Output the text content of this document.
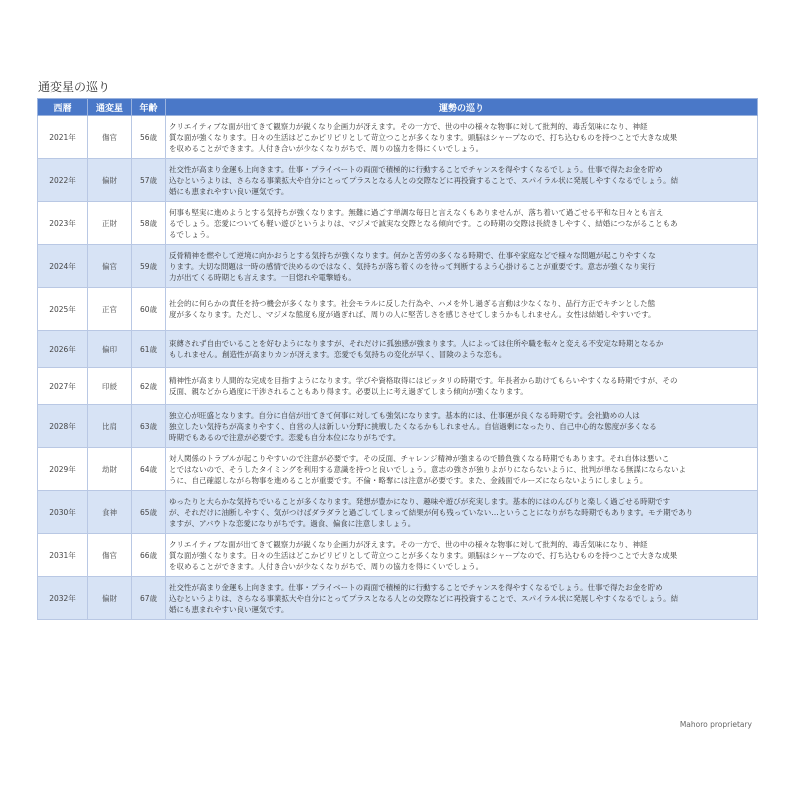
通変星の巡り
西暦	通変星	年齢	運勢の巡り
2021年	傷官	56歳	クリエイティブな面が出てきて観察力が鋭くなり企画力が冴えます。その一方で、世の中の様々な物事に対して批判的、毒舌気味になり、神経
質な面が強くなります。日々の生活はどこかピリピリとして苛立つことが多くなります。頭脳はシャープなので、打ち込むものを持つことで大きな成果
を収めることができます。人付き合いが少なくなりがちで、周りの協力を得にくいでしょう。

2022年	偏財	57歳	社交性が高まり金運も上向きます。仕事・プライベートの両面で積極的に行動することでチャンスを得やすくなるでしょう。仕事で得たお金を貯め
込むというよりは、さらなる事業拡大や自分にとってプラスとなる人との交際などに再投資することで、スパイラル状に発展しやすくなるでしょう。結
婚にも恵まれやすい良い運気です。

2023年	正財	58歳	何事も堅実に進めようとする気持ちが強くなります。無難に過ごす単調な毎日と言えなくもありませんが、落ち着いて過ごせる平和な日々とも言え
るでしょう。恋愛についても軽い遊びというよりは、マジメで誠実な交際となる傾向です。この時期の交際は長続きしやすく、結婚につながることもあ
るでしょう。

2024年	偏官	59歳	反骨精神を燃やして逆境に向かおうとする気持ちが強くなります。何かと苦労の多くなる時期で、仕事や家庭などで様々な問題が起こりやすくな
ります。大切な問題は一時の感情で決めるのではなく、気持ちが落ち着くのを待って判断するよう心掛けることが重要です。意志が強くなり実行
力が出てくる時期とも言えます。一目惚れや電撃婚も。

2025年	正官	60歳	社会的に何らかの責任を持つ機会が多くなります。社会モラルに反した行為や、ハメを外し過ぎる言動は少なくなり、品行方正でキチンとした態
度が多くなります。ただし、マジメな態度も度が過ぎれば、周りの人に堅苦しさを感じさせてしまうかもしれません。女性は結婚しやすいです。

2026年	偏印	61歳	束縛されず自由でいることを好むようになりますが、それだけに孤独感が強まります。人によっては住所や職を転々と変える不安定な時期となるか
もしれません。創造性が高まりカンが冴えます。恋愛でも気持ちの変化が早く、冒険のような恋も。

2027年	印綬	62歳	精神性が高まり人間的な完成を目指すようになります。学びや資格取得にはピッタリの時期です。年長者から助けてもらいやすくなる時期ですが、その
反面、親などから過度に干渉されることもあり得ます。必要以上に考え過ぎてしまう傾向が強くなります。

2028年	比肩	63歳	独立心が旺盛となります。自分に自信が出てきて何事に対しても強気になります。基本的には、仕事運が良くなる時期です。会社勤めの人は
独立したい気持ちが高まりやすく、自営の人は新しい分野に挑戦したくなるかもしれません。自信過剰になったり、自己中心的な態度が多くなる
時期でもあるので注意が必要です。恋愛も自分本位になりがちです。

2029年	劫財	64歳	対人関係のトラブルが起こりやすいので注意が必要です。その反面、チャレンジ精神が強まるので勝負強くなる時期でもあります。それ自体は悪いこ
とではないので、そうしたタイミングを利用する意識を持つと良いでしょう。意志の強さが独りよがりにならないように、批判が単なる無謀にならないよ
うに、自己確認しながら物事を進めることが重要です。不倫・略奪には注意が必要です。また、金銭面でルーズにならないようにしましょう。

2030年	食神	65歳	ゆったりと大らかな気持ちでいることが多くなります。発想が豊かになり、趣味や遊びが充実します。基本的にはのんびりと楽しく過ごせる時期です
が、それだけに油断しやすく、気がつけばダラダラと過ごしてしまって結果が何も残っていない…ということになりがちな時期でもあります。モテ期であり
ますが、アバウトな恋愛になりがちです。過食、偏食に注意しましょう。

2031年	傷官	66歳	クリエイティブな面が出てきて観察力が鋭くなり企画力が冴えます。その一方で、世の中の様々な物事に対して批判的、毒舌気味になり、神経
質な面が強くなります。日々の生活はどこかピリピリとして苛立つことが多くなります。頭脳はシャープなので、打ち込むものを持つことで大きな成果
を収めることができます。人付き合いが少なくなりがちで、周りの協力を得にくいでしょう。

2032年	偏財	67歳	社交性が高まり金運も上向きます。仕事・プライベートの両面で積極的に行動することでチャンスを得やすくなるでしょう。仕事で得たお金を貯め
込むというよりは、さらなる事業拡大や自分にとってプラスとなる人との交際などに再投資することで、スパイラル状に発展しやすくなるでしょう。結
婚にも恵まれやすい良い運気です。
Mahoro proprietary
